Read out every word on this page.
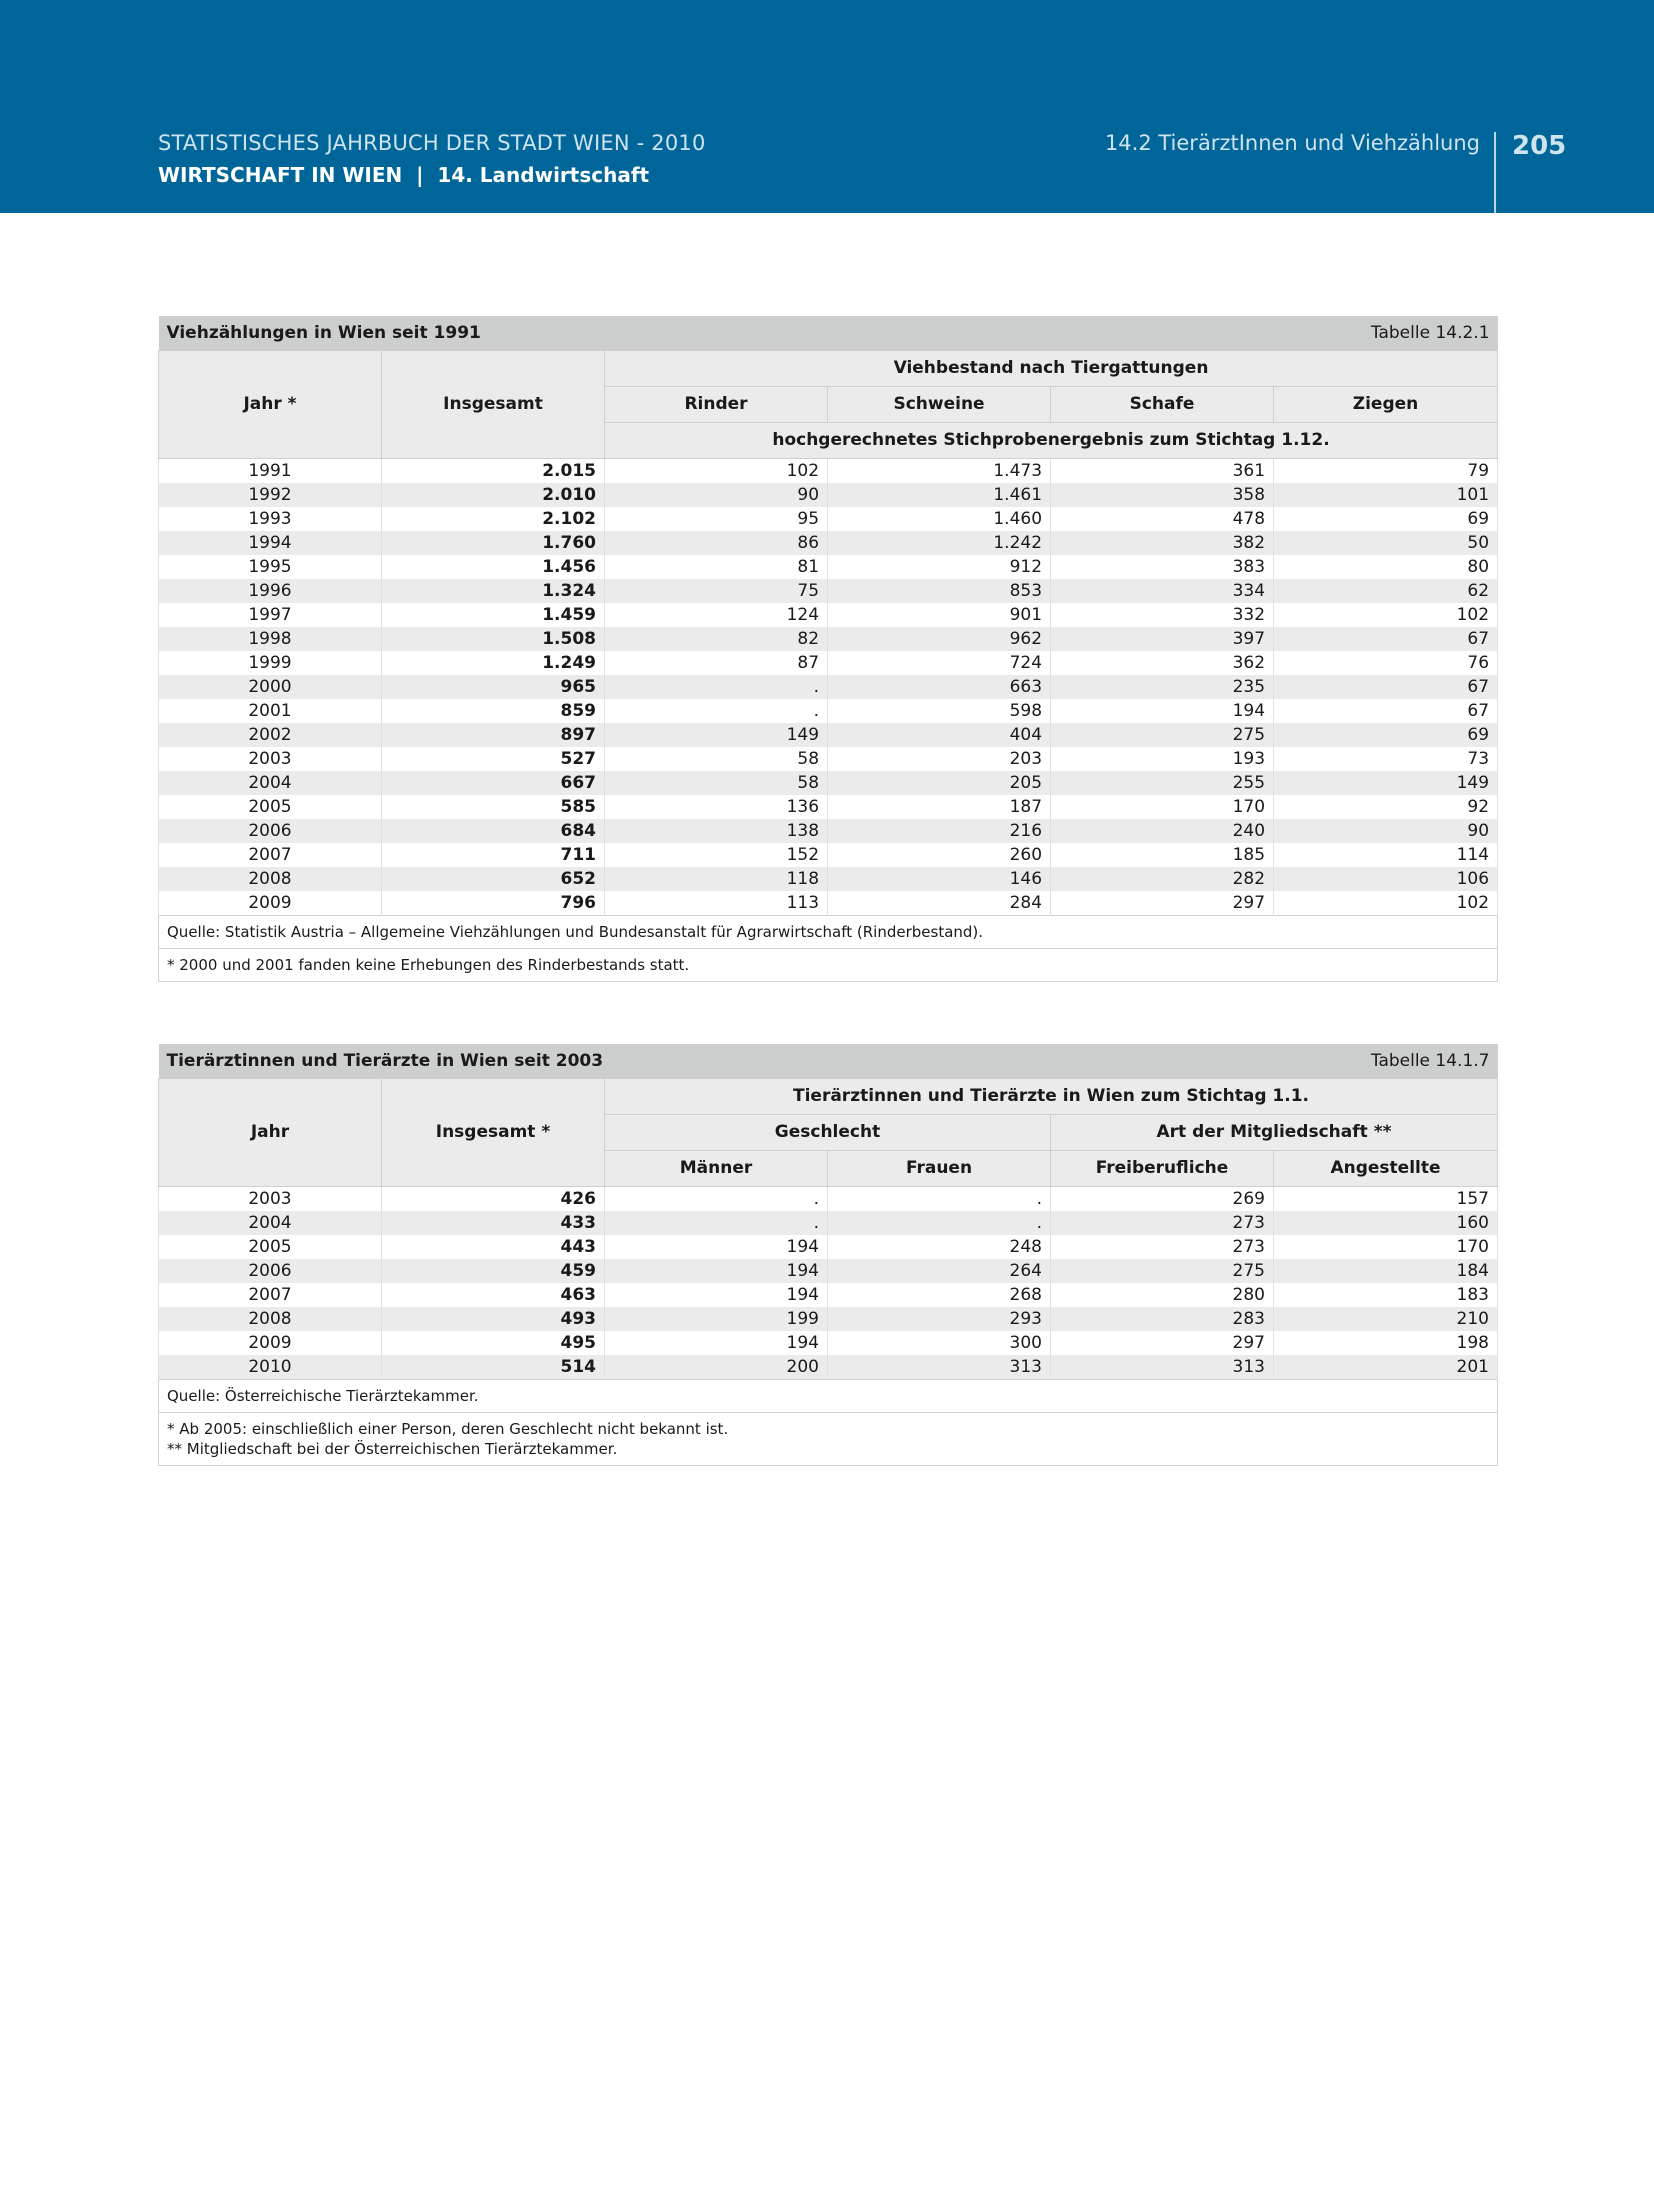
STATISTISCHES JAHRBUCH DER STADT WIEN - 2010
WIRTSCHAFT IN WIEN  |  14. Landwirtschaft
14.2 TierärztInnen und Viehzählung 205
Viehzählungen in Wien seit 1991			Tabelle 14.2.1		
Jahr *	Insgesamt	Viehbestand nach Tiergattungen			
		Rinder	Schweine	Schafe	Ziegen
		hochgerechnetes Stichprobenergebnis zum Stichtag 1.12.			
1991	2.015	102	1.473	361	79
1992	2.010	90	1.461	358	101
1993	2.102	95	1.460	478	69
1994	1.760	86	1.242	382	50
1995	1.456	81	912	383	80
1996	1.324	75	853	334	62
1997	1.459	124	901	332	102
1998	1.508	82	962	397	67
1999	1.249	87	724	362	76
2000	965	.	663	235	67
2001	859	.	598	194	67
2002	897	149	404	275	69
2003	527	58	203	193	73
2004	667	58	205	255	149
2005	585	136	187	170	92
2006	684	138	216	240	90
2007	711	152	260	185	114
2008	652	118	146	282	106
2009	796	113	284	297	102
Quelle: Statistik Austria – Allgemeine Viehzählungen und Bundesanstalt für Agrarwirtschaft (Rinderbestand).					
* 2000 und 2001 fanden keine Erhebungen des Rinderbestands statt.					
Tierärztinnen und Tierärzte in Wien seit 2003			Tabelle 14.1.7		
Jahr	Insgesamt *	Tierärztinnen und Tierärzte in Wien zum Stichtag 1.1.			
		Geschlecht		Art der Mitgliedschaft **	
		Männer	Frauen	Freiberufliche	Angestellte
2003	426	.	.	269	157
2004	433	.	.	273	160
2005	443	194	248	273	170
2006	459	194	264	275	184
2007	463	194	268	280	183
2008	493	199	293	283	210
2009	495	194	300	297	198
2010	514	200	313	313	201
Quelle: Österreichische Tierärztekammer.					

* Ab 2005: einschließlich einer Person, deren Geschlecht nicht bekannt ist.
** Mitgliedschaft bei der Österreichischen Tierärztekammer.					
